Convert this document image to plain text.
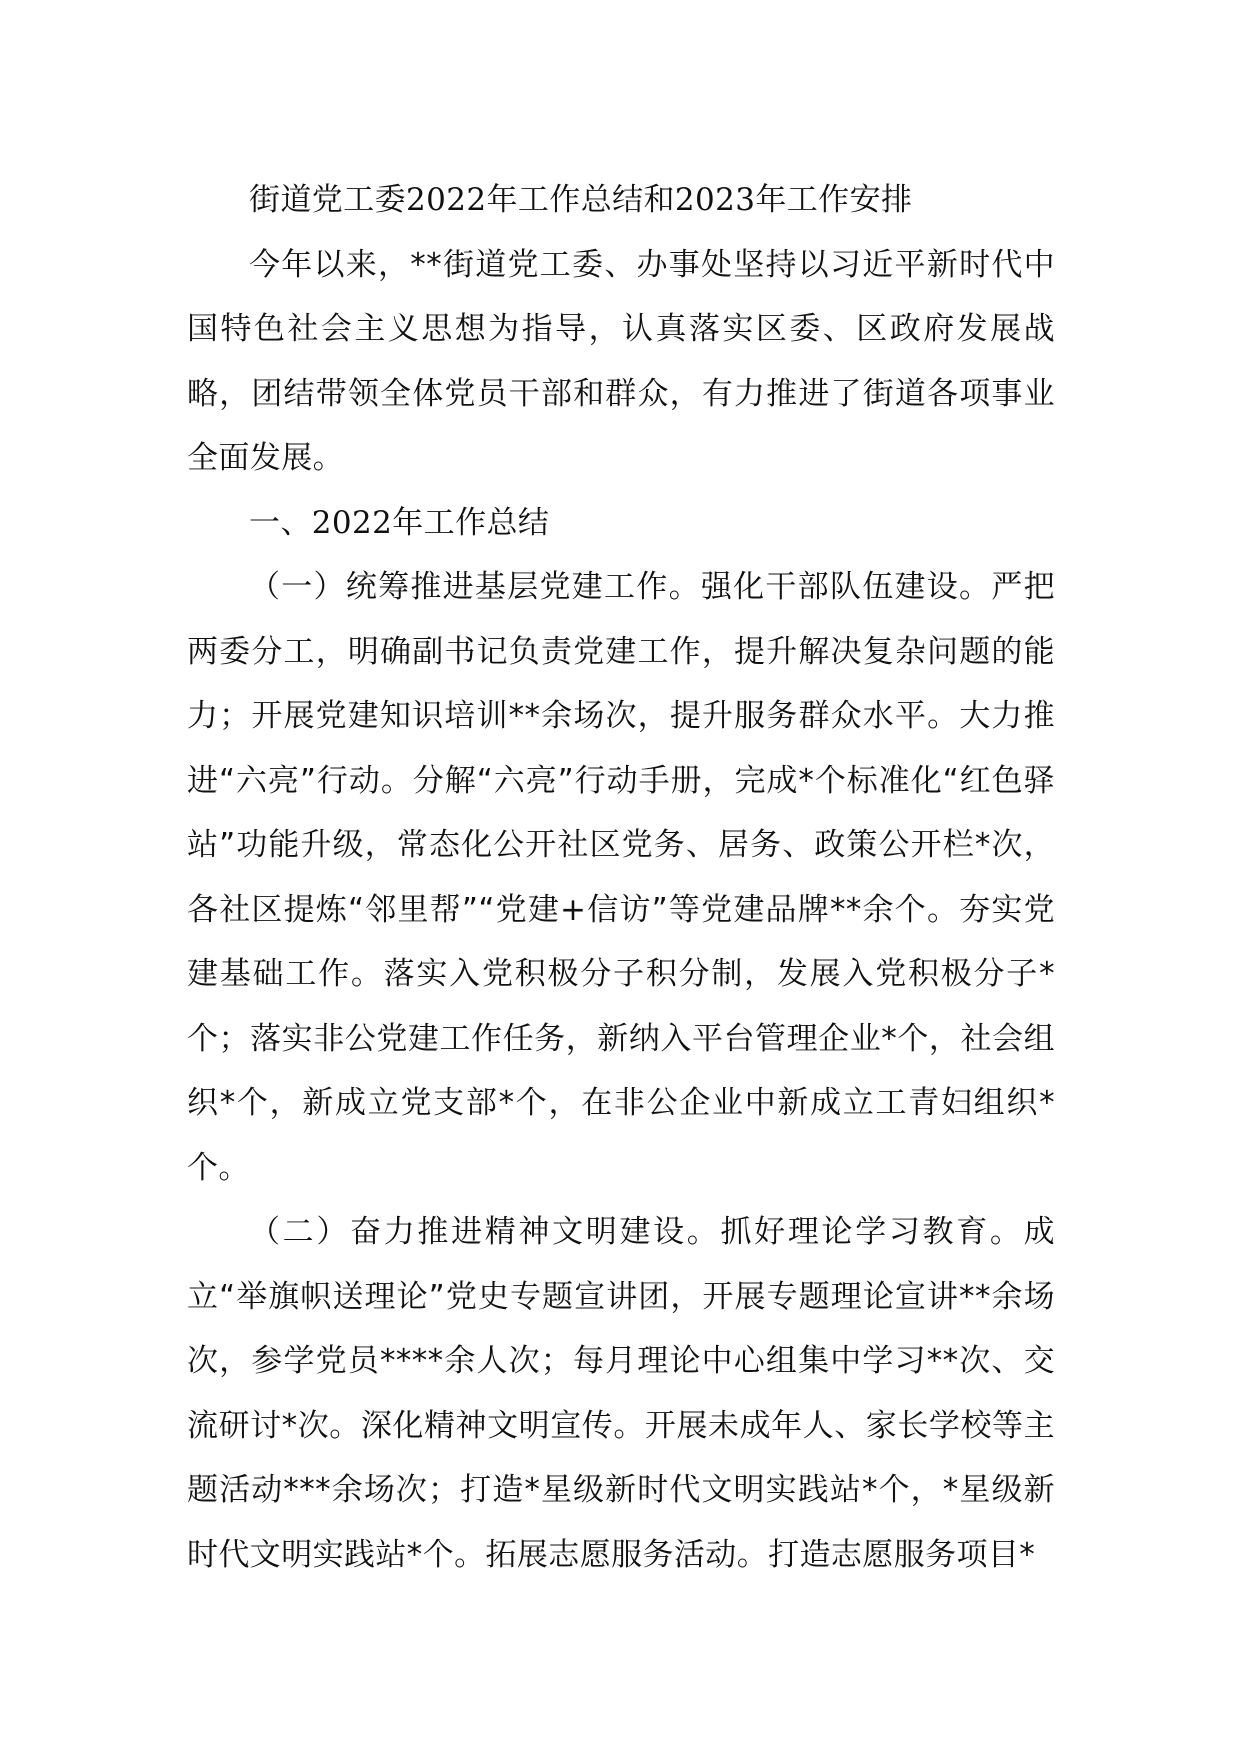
街道党工委2022年工作总结和2023年工作安排

今年以来，**街道党工委、办事处坚持以习近平新时代中国特色社会主义思想为指导，认真落实区委、区政府发展战略，团结带领全体党员干部和群众，有力推进了街道各项事业全面发展。

一、2022年工作总结

（一）统筹推进基层党建工作。强化干部队伍建设。严把两委分工，明确副书记负责党建工作，提升解决复杂问题的能力；开展党建知识培训**余场次，提升服务群众水平。大力推进“六亮”行动。分解“六亮”行动手册，完成*个标准化“红色驿站”功能升级，常态化公开社区党务、居务、政策公开栏*次，各社区提炼“邻里帮”“党建+信访”等党建品牌**余个。夯实党建基础工作。落实入党积极分子积分制，发展入党积极分子*个；落实非公党建工作任务，新纳入平台管理企业*个，社会组织*个，新成立党支部*个，在非公企业中新成立工青妇组织*个。

（二）奋力推进精神文明建设。抓好理论学习教育。成立“举旗帜送理论”党史专题宣讲团，开展专题理论宣讲**余场次，参学党员****余人次；每月理论中心组集中学习**次、交流研讨*次。深化精神文明宣传。开展未成年人、家长学校等主题活动***余场次；打造*星级新时代文明实践站*个，*星级新时代文明实践站*个。拓展志愿服务活动。打造志愿服务项目*
